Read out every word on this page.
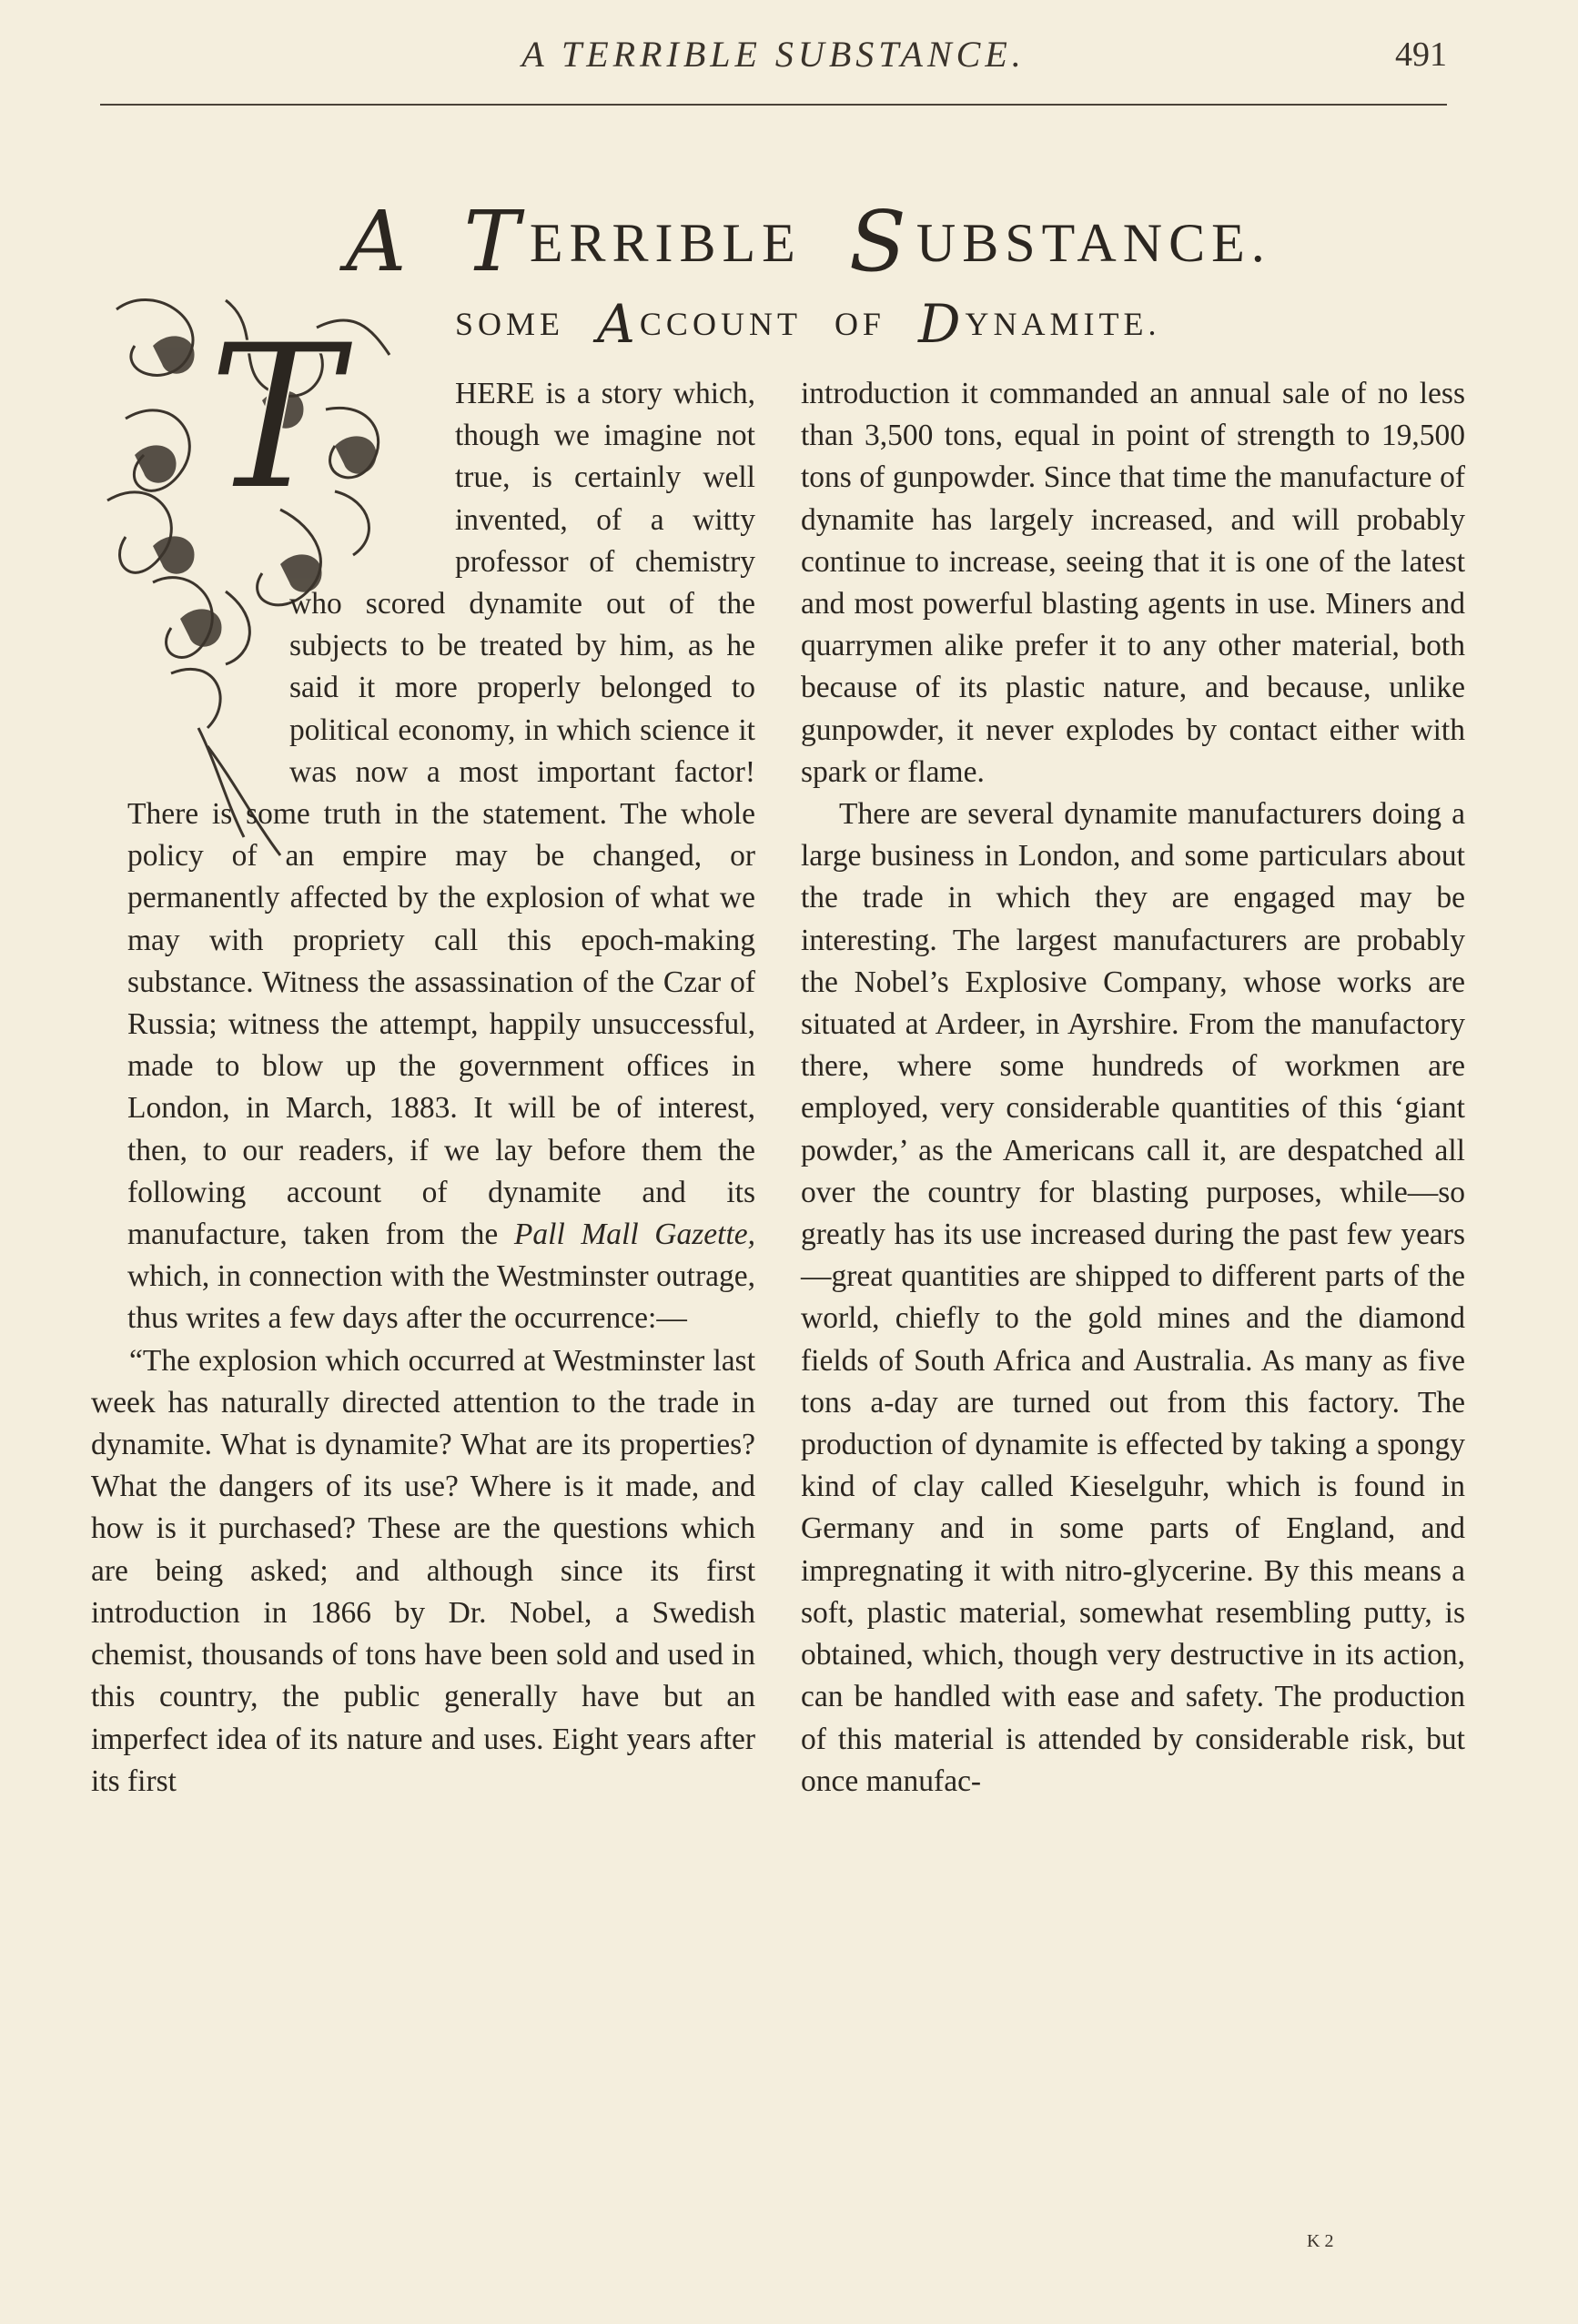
A TERRIBLE SUBSTANCE.	491
A TERRIBLE SUBSTANCE.
SOME ACCOUNT OF DYNAMITE.
T	HERE is a story which, though we imagine not true, is certainly well invented, of a witty professor of chemistry who scored dynamite out of the subjects to be treated by him, as he said it more properly belonged to political economy, in which science it was now a most important factor! There is some truth in the statement. The whole policy of an empire may be changed, or permanently affected by the explosion of what we may with propriety call this epoch-making substance. Witness the assassination of the Czar of Russia; witness the attempt, happily unsuccessful, made to blow up the government offices in London, in March, 1883. It will be of interest, then, to our readers, if we lay before them the following account of dynamite and its manufacture, taken from the Pall Mall Gazette, which, in connection with the Westminster outrage, thus writes a few days after the occurrence:—

“The explosion which occurred at Westminster last week has naturally directed attention to the trade in dynamite. What is dynamite? What are its properties? What the dangers of its use? Where is it made, and how is it purchased? These are the questions which are being asked; and although since its first introduction in 1866 by Dr. Nobel, a Swedish chemist, thousands of tons have been sold and used in this country, the public generally have but an imperfect idea of its nature and uses. Eight years after its first

introduction it commanded an annual sale of no less than 3,500 tons, equal in point of strength to 19,500 tons of gunpowder. Since that time the manufacture of dynamite has largely increased, and will probably continue to increase, seeing that it is one of the latest and most powerful blasting agents in use. Miners and quarrymen alike prefer it to any other material, both because of its plastic nature, and because, unlike gunpowder, it never explodes by contact either with spark or flame.

There are several dynamite manufacturers doing a large business in London, and some particulars about the trade in which they are engaged may be interesting. The largest manufacturers are probably the Nobel’s Explosive Company, whose works are situated at Ardeer, in Ayrshire. From the manufactory there, where some hundreds of workmen are employed, very considerable quantities of this ‘giant powder,’ as the Americans call it, are despatched all over the country for blasting purposes, while—so greatly has its use increased during the past few years—great quantities are shipped to different parts of the world, chiefly to the gold mines and the diamond fields of South Africa and Australia. As many as five tons a-day are turned out from this factory. The production of dynamite is effected by taking a spongy kind of clay called Kieselguhr, which is found in Germany and in some parts of England, and impregnating it with nitro-glycerine. By this means a soft, plastic material, somewhat resembling putty, is obtained, which, though very destructive in its action, can be handled with ease and safety. The production of this material is attended by considerable risk, but once manufac-

K 2
